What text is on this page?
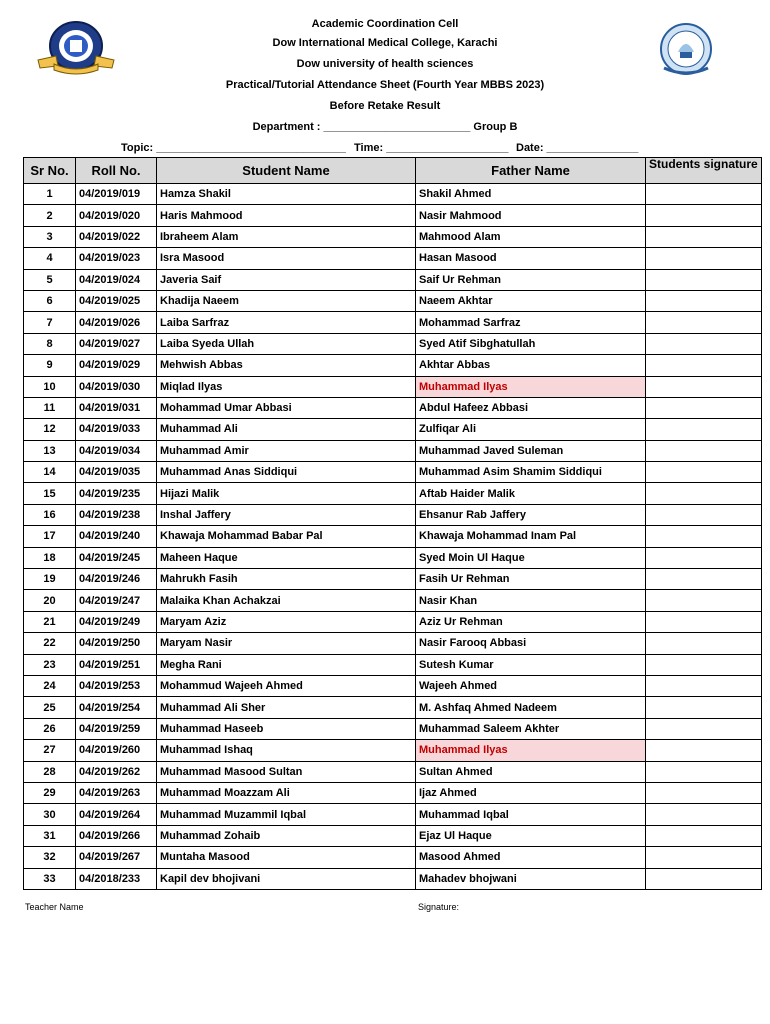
Academic Coordination Cell
Dow International Medical College, Karachi
Dow university of health sciences
Practical/Tutorial Attendance Sheet (Fourth Year MBBS 2023)
Before Retake Result
Department : ________________________ Group B
Topic: _______________________________ Time: ____________________ Date: _______________
Sr No.	Roll No.	Student Name	Father Name	Students signature
1	04/2019/019	Hamza Shakil	Shakil Ahmed	
2	04/2019/020	Haris Mahmood	Nasir Mahmood	
3	04/2019/022	Ibraheem Alam	Mahmood Alam	
4	04/2019/023	Isra Masood	Hasan Masood	
5	04/2019/024	Javeria Saif	Saif Ur Rehman	
6	04/2019/025	Khadija Naeem	Naeem Akhtar	
7	04/2019/026	Laiba Sarfraz	Mohammad Sarfraz	
8	04/2019/027	Laiba Syeda Ullah	Syed Atif Sibghatullah	
9	04/2019/029	Mehwish Abbas	Akhtar Abbas	
10	04/2019/030	Miqlad Ilyas	Muhammad Ilyas	
11	04/2019/031	Mohammad Umar Abbasi	Abdul Hafeez Abbasi	
12	04/2019/033	Muhammad Ali	Zulfiqar Ali	
13	04/2019/034	Muhammad Amir	Muhammad Javed Suleman	
14	04/2019/035	Muhammad Anas Siddiqui	Muhammad Asim Shamim Siddiqui	
15	04/2019/235	Hijazi Malik	Aftab Haider Malik	
16	04/2019/238	Inshal Jaffery	Ehsanur Rab Jaffery	
17	04/2019/240	Khawaja Mohammad Babar Pal	Khawaja Mohammad Inam Pal	
18	04/2019/245	Maheen Haque	Syed Moin Ul Haque	
19	04/2019/246	Mahrukh Fasih	Fasih Ur Rehman	
20	04/2019/247	Malaika Khan Achakzai	Nasir Khan	
21	04/2019/249	Maryam Aziz	Aziz Ur Rehman	
22	04/2019/250	Maryam Nasir	Nasir Farooq Abbasi	
23	04/2019/251	Megha Rani	Sutesh Kumar	
24	04/2019/253	Mohammud Wajeeh Ahmed	Wajeeh Ahmed	
25	04/2019/254	Muhammad Ali Sher	M. Ashfaq Ahmed Nadeem	
26	04/2019/259	Muhammad Haseeb	Muhammad Saleem Akhter	
27	04/2019/260	Muhammad Ishaq	Muhammad Ilyas	
28	04/2019/262	Muhammad Masood Sultan	Sultan Ahmed	
29	04/2019/263	Muhammad Moazzam Ali	Ijaz Ahmed	
30	04/2019/264	Muhammad Muzammil Iqbal	Muhammad Iqbal	
31	04/2019/266	Muhammad Zohaib	Ejaz Ul Haque	
32	04/2019/267	Muntaha Masood	Masood Ahmed	
33	04/2018/233	Kapil dev bhojivani	Mahadev bhojwani	
Teacher Name	Signature:
